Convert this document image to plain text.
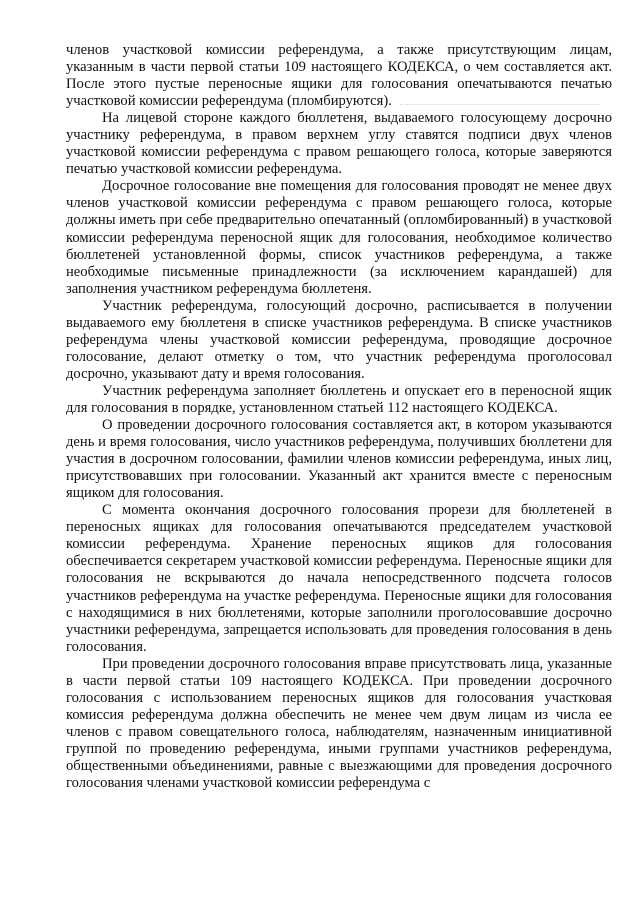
членов участковой комиссии референдума, а также присутствующим лицам, указанным в части первой статьи 109 настоящего КОДЕКСА, о чем составляется акт. После этого пустые переносные ящики для голосования опечатываются печатью участковой комиссии референдума (пломбируются).

На лицевой стороне каждого бюллетеня, выдаваемого голосующему досрочно участнику референдума, в правом верхнем углу ставятся подписи двух членов участковой комиссии референдума с правом решающего голоса, которые заверяются печатью участковой комиссии референдума.

Досрочное голосование вне помещения для голосования проводят не менее двух членов участковой комиссии референдума с правом решающего голоса, которые должны иметь при себе предварительно опечатанный (опломбированный) в участковой комиссии референдума переносной ящик для голосования, необходимое количество бюллетеней установленной формы, список участников референдума, а также необходимые письменные принадлежности (за исключением карандашей) для заполнения участником референдума бюллетеня.

Участник референдума, голосующий досрочно, расписывается в получении выдаваемого ему бюллетеня в списке участников референдума. В списке участников референдума члены участковой комиссии референдума, проводящие досрочное голосование, делают отметку о том, что участник референдума проголосовал досрочно, указывают дату и время голосования.

Участник референдума заполняет бюллетень и опускает его в переносной ящик для голосования в порядке, установленном статьей 112 настоящего КОДЕКСА.

О проведении досрочного голосования составляется акт, в котором указываются день и время голосования, число участников референдума, получивших бюллетени для участия в досрочном голосовании, фамилии членов комиссии референдума, иных лиц, присутствовавших при голосовании. Указанный акт хранится вместе с переносным ящиком для голосования.

С момента окончания досрочного голосования прорези для бюллетеней в переносных ящиках для голосования опечатываются председателем участковой комиссии референдума. Хранение переносных ящиков для голосования обеспечивается секретарем участковой комиссии референдума. Переносные ящики для голосования не вскрываются до начала непосредственного подсчета голосов участников референдума на участке референдума. Переносные ящики для голосования с находящимися в них бюллетенями, которые заполнили проголосовавшие досрочно участники референдума, запрещается использовать для проведения голосования в день голосования.

При проведении досрочного голосования вправе присутствовать лица, указанные в части первой статьи 109 настоящего КОДЕКСА. При проведении досрочного голосования с использованием переносных ящиков для голосования участковая комиссия референдума должна обеспечить не менее чем двум лицам из числа ее членов с правом совещательного голоса, наблюдателям, назначенным инициативной группой по проведению референдума, иными группами участников референдума, общественными объединениями, равные с выезжающими для проведения досрочного голосования членами участковой комиссии референдума с
